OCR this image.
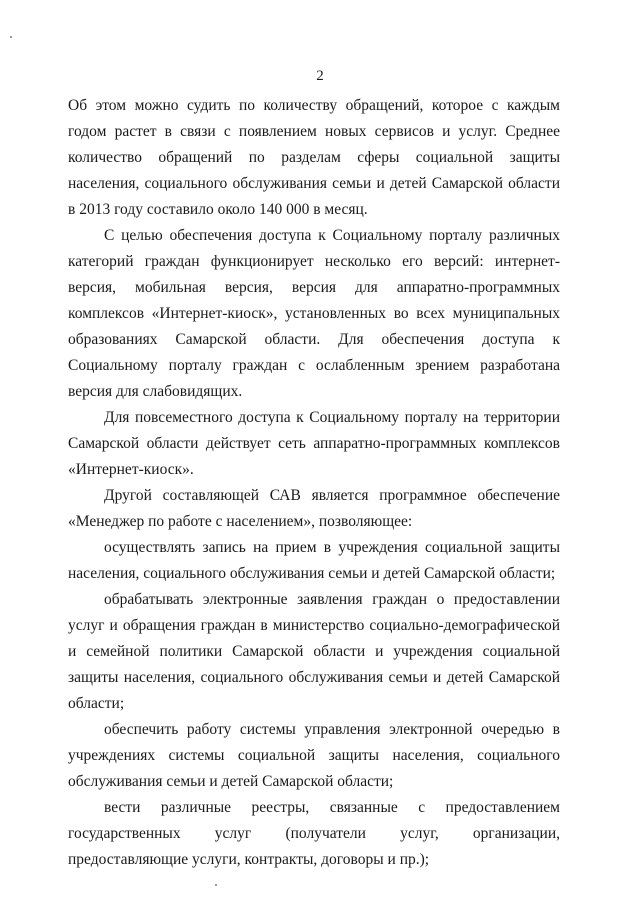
2

Об этом можно судить по количеству обращений, которое с каждым годом растет в связи с появлением новых сервисов и услуг. Среднее количество обращений по разделам сферы социальной защиты населения, социального обслуживания семьи и детей Самарской области в 2013 году составило около 140 000 в месяц.

С целью обеспечения доступа к Социальному порталу различных категорий граждан функционирует несколько его версий: интернет-версия, мобильная версия, версия для аппаратно-программных комплексов «Интернет-киоск», установленных во всех муниципальных образованиях Самарской области. Для обеспечения доступа к Социальному порталу граждан с ослабленным зрением разработана версия для слабовидящих.

Для повсеместного доступа к Социальному порталу на территории Самарской области действует сеть аппаратно-программных комплексов «Интернет-киоск».

Другой составляющей САВ является программное обеспечение «Менеджер по работе с населением», позволяющее:

осуществлять запись на прием в учреждения социальной защиты населения, социального обслуживания семьи и детей Самарской области;

обрабатывать электронные заявления граждан о предоставлении услуг и обращения граждан в министерство социально-демографической и семейной политики Самарской области и учреждения социальной защиты населения, социального обслуживания семьи и детей Самарской области;

обеспечить работу системы управления электронной очередью в учреждениях системы социальной защиты населения, социального обслуживания семьи и детей Самарской области;

вести различные реестры, связанные с предоставлением государственных услуг (получатели услуг, организации, предоставляющие услуги, контракты, договоры и пр.);
